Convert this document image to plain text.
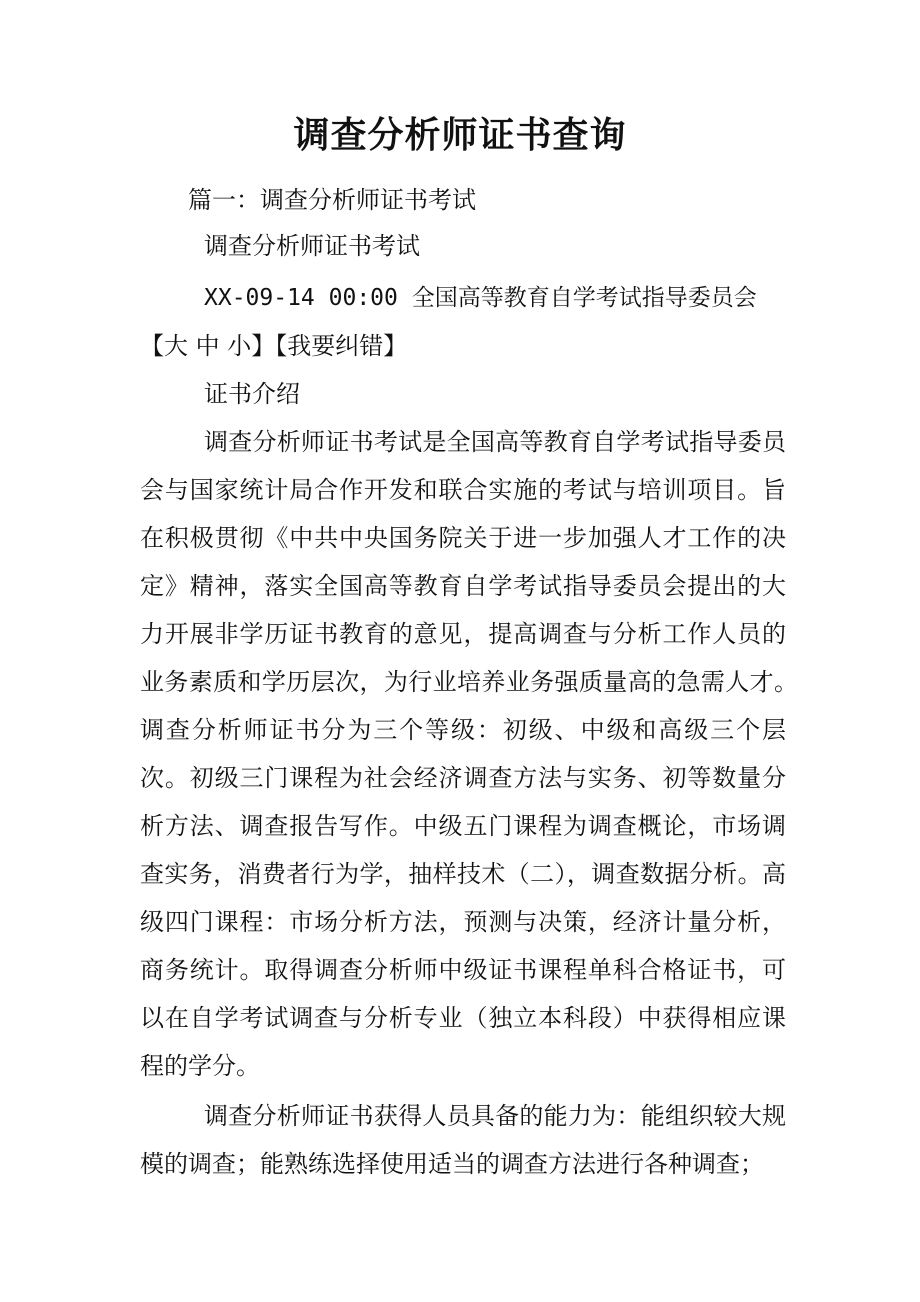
调查分析师证书查询
篇一：调查分析师证书考试
调查分析师证书考试
XX-09-14 00:00 全国高等教育自学考试指导委员会
【大 中 小】【我要纠错】
证书介绍

调查分析师证书考试是全国高等教育自学考试指导委员会与国家统计局合作开发和联合实施的考试与培训项目。旨在积极贯彻《中共中央国务院关于进一步加强人才工作的决定》精神，落实全国高等教育自学考试指导委员会提出的大力开展非学历证书教育的意见，提高调查与分析工作人员的业务素质和学历层次，为行业培养业务强质量高的急需人才。　调查分析师证书分为三个等级：初级、中级和高级三个层次。初级三门课程为社会经济调查方法与实务、初等数量分析方法、调查报告写作。中级五门课程为调查概论，市场调查实务，消费者行为学，抽样技术（二），调查数据分析。高级四门课程：市场分析方法，预测与决策，经济计量分析，商务统计。取得调查分析师中级证书课程单科合格证书，可以在自学考试调查与分析专业（独立本科段）中获得相应课程的学分。

调查分析师证书获得人员具备的能力为：能组织较大规模的调查；能熟练选择使用适当的调查方法进行各种调查；
